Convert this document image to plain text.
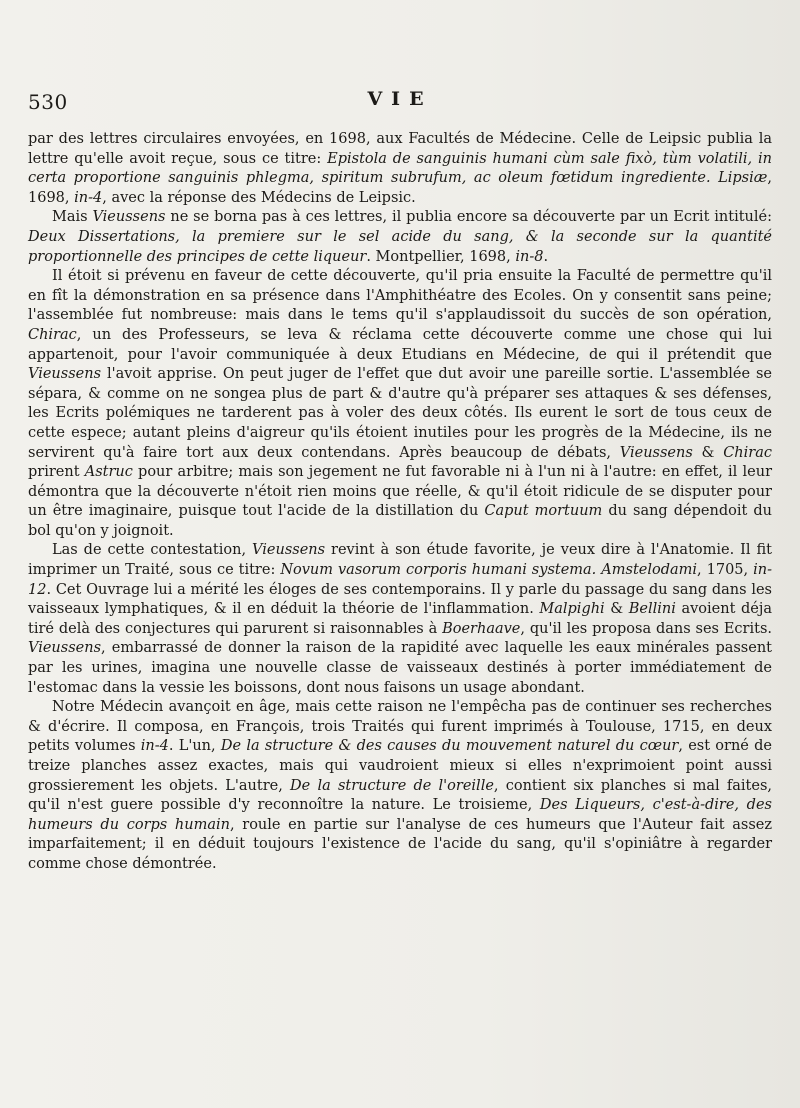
530	VIE

par des lettres circulaires envoyées, en 1698, aux Facultés de Médecine. Celle de Leipsic publia la lettre qu'elle avoit reçue, sous ce titre: Epistola de sanguinis humani cùm sale fixò, tùm volatili, in certa proportione sanguinis phlegma, spiritum subrufum, ac oleum fœtidum ingrediente. Lipsiæ, 1698, in-4, avec la réponse des Médecins de Leipsic.

Mais Vieussens ne se borna pas à ces lettres, il publia encore sa découverte par un Ecrit intitulé: Deux Dissertations, la premiere sur le sel acide du sang, & la seconde sur la quantité proportionnelle des principes de cette liqueur. Montpellier, 1698, in-8.

Il étoit si prévenu en faveur de cette découverte, qu'il pria ensuite la Faculté de permettre qu'il en fît la démonstration en sa présence dans l'Amphithéatre des Ecoles. On y consentit sans peine; l'assemblée fut nombreuse: mais dans le tems qu'il s'applaudissoit du succès de son opération, Chirac, un des Professeurs, se leva & réclama cette découverte comme une chose qui lui appartenoit, pour l'avoir communiquée à deux Etudians en Médecine, de qui il prétendit que Vieussens l'avoit apprise. On peut juger de l'effet que dut avoir une pareille sortie. L'assemblée se sépara, & comme on ne songea plus de part & d'autre qu'à préparer ses attaques & ses défenses, les Ecrits polémiques ne tarderent pas à voler des deux côtés. Ils eurent le sort de tous ceux de cette espece; autant pleins d'aigreur qu'ils étoient inutiles pour les progrès de la Médecine, ils ne servirent qu'à faire tort aux deux contendans. Après beaucoup de débats, Vieussens & Chirac prirent Astruc pour arbitre; mais son jegement ne fut favorable ni à l'un ni à l'autre: en effet, il leur démontra que la découverte n'étoit rien moins que réelle, & qu'il étoit ridicule de se disputer pour un être imaginaire, puisque tout l'acide de la distillation du Caput mortuum du sang dépendoit du bol qu'on y joignoit.

Las de cette contestation, Vieussens revint à son étude favorite, je veux dire à l'Anatomie. Il fit imprimer un Traité, sous ce titre: Novum vasorum corporis humani systema. Amstelodami, 1705, in-12. Cet Ouvrage lui a mérité les éloges de ses contemporains. Il y parle du passage du sang dans les vaisseaux lymphatiques, & il en déduit la théorie de l'inflammation. Malpighi & Bellini avoient déja tiré delà des conjectures qui parurent si raisonnables à Boerhaave, qu'il les proposa dans ses Ecrits. Vieussens, embarrassé de donner la raison de la rapidité avec laquelle les eaux minérales passent par les urines, imagina une nouvelle classe de vaisseaux destinés à porter immédiatement de l'estomac dans la vessie les boissons, dont nous faisons un usage abondant.

Notre Médecin avançoit en âge, mais cette raison ne l'empêcha pas de continuer ses recherches & d'écrire. Il composa, en François, trois Traités qui furent imprimés à Toulouse, 1715, en deux petits volumes in-4. L'un, De la structure & des causes du mouvement naturel du cœur, est orné de treize planches assez exactes, mais qui vaudroient mieux si elles n'exprimoient point aussi grossierement les objets. L'autre, De la structure de l'oreille, contient six planches si mal faites, qu'il n'est guere possible d'y reconnoître la nature. Le troisieme, Des Liqueurs, c'est-à-dire, des humeurs du corps humain, roule en partie sur l'analyse de ces humeurs que l'Auteur fait assez imparfaitement; il en déduit toujours l'existence de l'acide du sang, qu'il s'opiniâtre à regarder comme chose démontrée.
